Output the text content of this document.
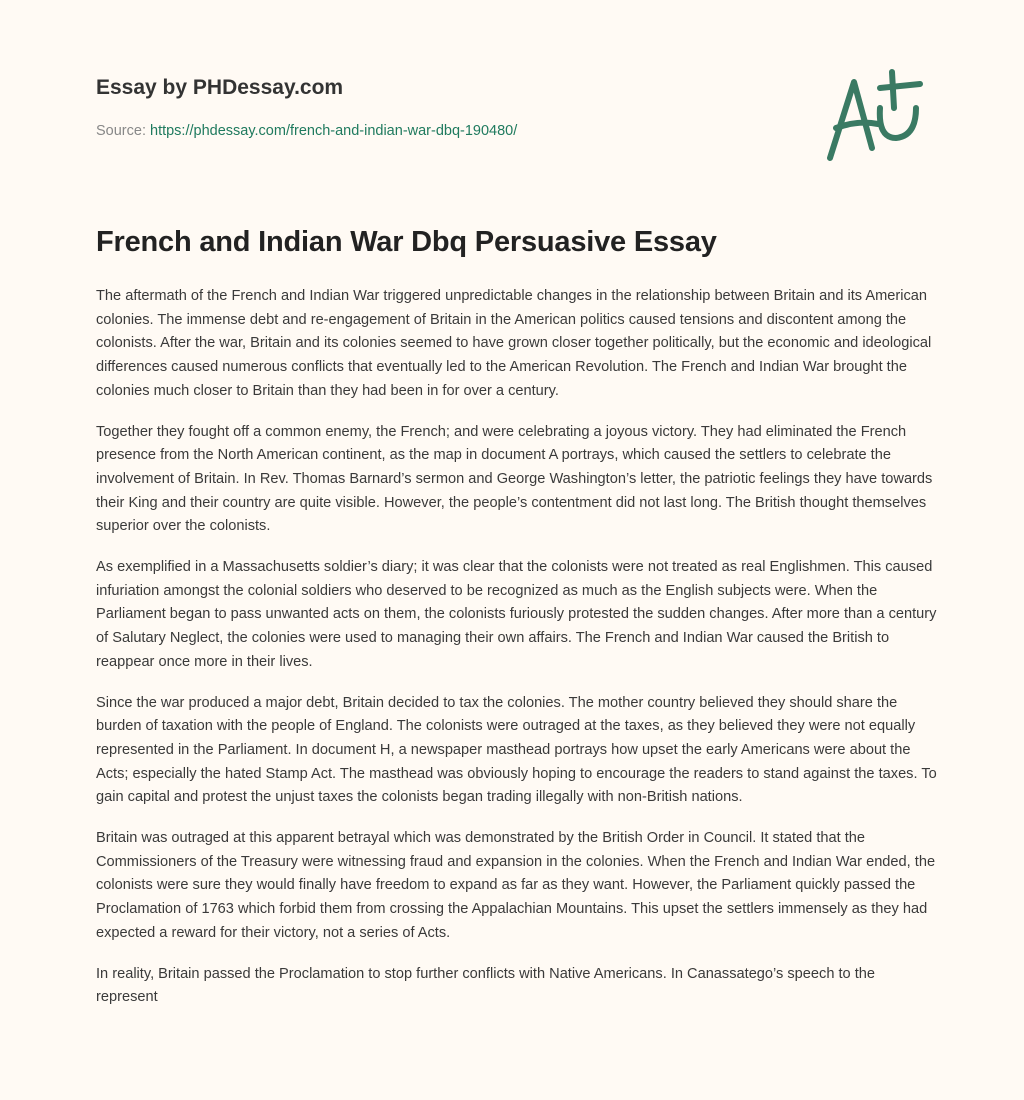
Essay by PHDessay.com
Source: https://phdessay.com/french-and-indian-war-dbq-190480/
French and Indian War Dbq Persuasive Essay

The aftermath of the French and Indian War triggered unpredictable changes in the relationship between Britain and its American colonies. The immense debt and re-engagement of Britain in the American politics caused tensions and discontent among the colonists. After the war, Britain and its colonies seemed to have grown closer together politically, but the economic and ideological differences caused numerous conflicts that eventually led to the American Revolution. The French and Indian War brought the colonies much closer to Britain than they had been in for over a century.

Together they fought off a common enemy, the French; and were celebrating a joyous victory. They had eliminated the French presence from the North American continent, as the map in document A portrays, which caused the settlers to celebrate the involvement of Britain. In Rev. Thomas Barnard’s sermon and George Washington’s letter, the patriotic feelings they have towards their King and their country are quite visible. However, the people’s contentment did not last long. The British thought themselves superior over the colonists.

As exemplified in a Massachusetts soldier’s diary; it was clear that the colonists were not treated as real Englishmen. This caused infuriation amongst the colonial soldiers who deserved to be recognized as much as the English subjects were. When the Parliament began to pass unwanted acts on them, the colonists furiously protested the sudden changes. After more than a century of Salutary Neglect, the colonies were used to managing their own affairs. The French and Indian War caused the British to reappear once more in their lives.

Since the war produced a major debt, Britain decided to tax the colonies. The mother country believed they should share the burden of taxation with the people of England. The colonists were outraged at the taxes, as they believed they were not equally represented in the Parliament. In document H, a newspaper masthead portrays how upset the early Americans were about the Acts; especially the hated Stamp Act. The masthead was obviously hoping to encourage the readers to stand against the taxes. To gain capital and protest the unjust taxes the colonists began trading illegally with non-British nations.

Britain was outraged at this apparent betrayal which was demonstrated by the British Order in Council. It stated that the Commissioners of the Treasury were witnessing fraud and expansion in the colonies. When the French and Indian War ended, the colonists were sure they would finally have freedom to expand as far as they want. However, the Parliament quickly passed the Proclamation of 1763 which forbid them from crossing the Appalachian Mountains. This upset the settlers immensely as they had expected a reward for their victory, not a series of Acts.

In reality, Britain passed the Proclamation to stop further conflicts with Native Americans. In Canassatego’s speech to the represent
